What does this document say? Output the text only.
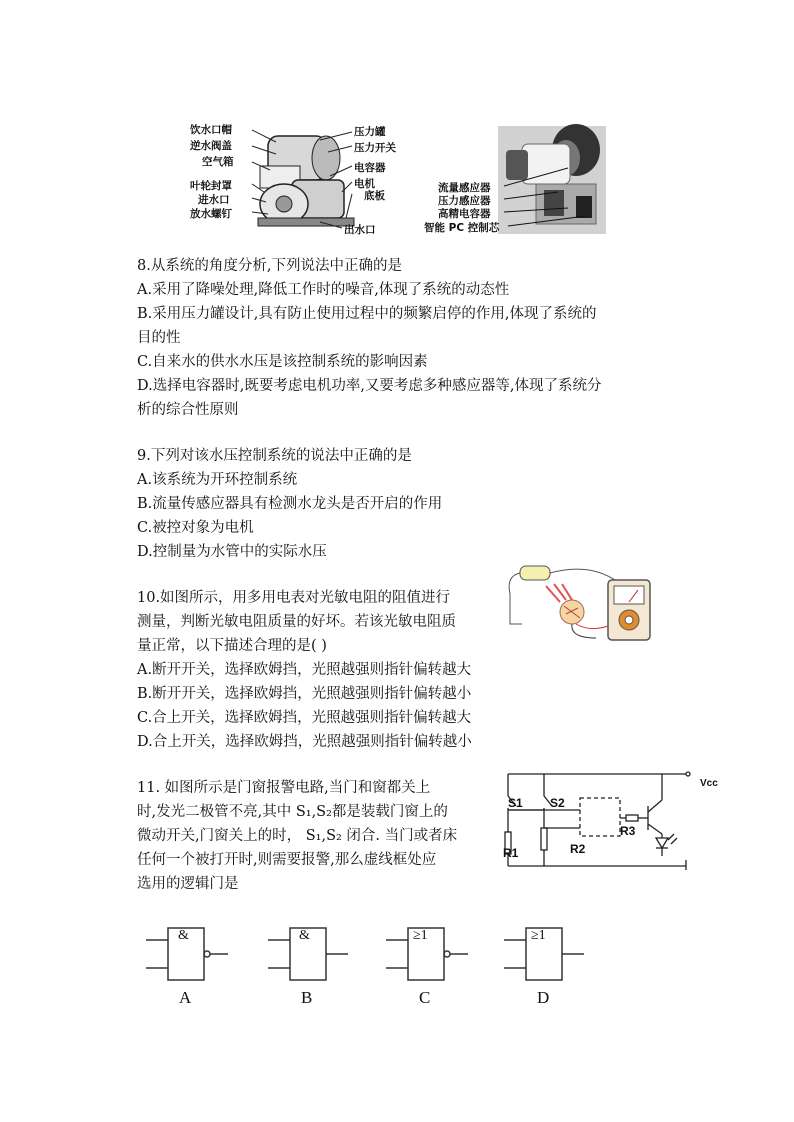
饮水口帽
逆水阀盖
空气箱
叶轮封罩
进水口
放水螺钉
压力罐
压力开关
电容器
电机
底板
出水口
流量感应器
压力感应器
高精电容器
智能 PC 控制芯
8.从系统的角度分析,下列说法中正确的是
A.采用了降噪处理,降低工作时的噪音,体现了系统的动态性
B.采用压力罐设计,具有防止使用过程中的频繁启停的作用,体现了系统的
目的性
C.自来水的供水水压是该控制系统的影响因素
D.选择电容器时,既要考虑电机功率,又要考虑多种感应器等,体现了系统分
析的综合性原则
9.下列对该水压控制系统的说法中正确的是
A.该系统为开环控制系统
B.流量传感应器具有检测水龙头是否开启的作用
C.被控对象为电机
D.控制量为水管中的实际水压
10.如图所示，用多用电表对光敏电阻的阻值进行
测量，判断光敏电阻质量的好坏。若该光敏电阻质
量正常，以下描述合理的是( )
A.断开开关，选择欧姆挡，光照越强则指针偏转越大
B.断开开关，选择欧姆挡，光照越强则指针偏转越小
C.合上开关，选择欧姆挡，光照越强则指针偏转越大
D.合上开关，选择欧姆挡，光照越强则指针偏转越小
11. 如图所示是门窗报警电路,当门和窗都关上
时,发光二极管不亮,其中 S₁,S₂都是装载门窗上的
微动开关,门窗关上的时， S₁,S₂ 闭合. 当门或者床
任何一个被打开时,则需要报警,那么虚线框处应
选用的逻辑门是
Vcc
S1 S2
R1	R2
R3
&
A
&
B
≥1
C
≥1
D
